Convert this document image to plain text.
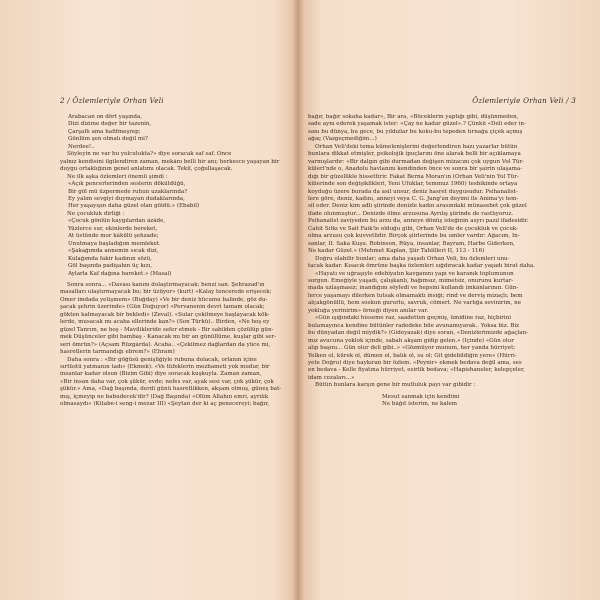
2 / Özlemleriyle Orhan Veli
Arabacan on dört yaşında,
Dizi dizime değer bir tazenin,
Çarşaflı ama hafifmeşrep;
Gönlüm şen olmalı değil mi?
Nerdee!..
Söyleyin ne var bu yolculukta?» diye soracak saf saf. Önce
yalnız kendisini ilgilendiren zaman, mekânı belli bir anı; herkesce yaşayan bir
duygu ortaklığının genel anlatımı olacak. Tekil, çoğullaşacak.
Ne ilk aşka özlemleri önemli şimdi :
«Açık pencerlerinden seslerin döküldüğü,
Bir göl mü üzpermede ruhun uzaklarında?
Ey yalım sevgiyi duymayan dudaklarında,
Her yaşayışın daha güzel olan göldü.» (Ebabil)
Ne çocukluk dirliği :
«Çocuk gönlün kaygılardan âzâde,
Yüzlerce sur, ekinlerde bereket,
At üstünde mor kâkülü şehzade;
Unutmaya başladığım memleket.
«Şakağımda annemin sıcak dizi,
Kulağımda fakir kadının sözü,
Göl başında padişahın üç kızı,
Aylarla Kaf dağına hareket.» (Masal)
Sonra sonra... «Davası kanını dolaştırmayacak; benzi san. Şehrazad'ın
masalları ulaştırmayacak bu; bir üzüyor» (kurt) «Kalay tencerede erişecek;
Ömer imdada yetişmem» (Buğday) «Ve bir deniz hücumu balinde, göz du-
şacak şehrin üzerinde» (Gün Doğuyor) «Pervanenin devri tamam olacak;
gökten kalmayacak bir bekledi» (Zeval). «Sular çekilmeye başlayacak kök-
lerde, musacak mı acaba ellerinde kan?» (Son Türkü).. Birden, «Ne hoş ey
güzel Tanrım, ne hoş - Mavilikleride sefer etmek - Bir sabilden çözülüp gün-
mek Düşünceler gibi bambaş - Kanacak mı bir an günüllüme, kuşlar gibi ser-
seri ömrün?» (Açsam Rüzgârda). Acaba.. «Çekilmez dağlardan da yüce mi,
hasretlerin tarmandığı ebrem?» (Ehram)
Daha sonra : «Bir göğüsü genişliğiyle rubuna dolacak, orlanın içine
sırtüstü yatmanın tadı» (Ekmek). «Ve tüfeklerin mezbameti yok mudur, bir
insanlar kadar olsun (Bizim Gibi) diye soracak kuşkuyla. Zaman zaman,
«Bir insan daha var, çok şükür, evde; nefes var, ayak sesi var, çok şükür, çok
şükür.» Ama, «Dağ başında, derdi günü hasretlikken, akşam olmuş, güneş bat-
mış, içmeyip ne babudecek'dir? (Dağ Başında) «Ölüm Allahın emri, ayrılık
olmasaydı» (Kitabe-i seng-i mezar III) «Şeytan der ki aç penecereyi; bağır,
Özlemleriyle Orhan Veli / 3
bağır, bağır sokaha kadar», Bir ara, «Böceklerin yaptığı gibi, düşünmeden,
sade aynı ederek yaşamak ister: «Çay ne kadar güzel».? Çünkü «Deli eder in-
sanı bu dünya, bu gece, bu yıldızlar bu koku-bu tepeden tırnağa çiçek açmış
ağaç (Vazgeçmediğim...)
Orhan Veli'deki tema kümelenişlerini değerlendiren bazı yazarlar bütün
bunlara dikkat etmişler, psikolojik ipuçlarını öne alarak belli bir açıklamaya
varmışlardır: «Bir dalgın gibi durmadan değişen mizacını çok uygun Vol Tür-
külerl'nde o, Anadolu havlanını kendinden önce ve sonra bir şairin ulaşama-
dığı bir güzellikle hissettirir. Fakat Berna Moran'ın (Orhan Veli'nin Yol Tür-
külerinde son değişiklikleri, Yeni Ufuklar, temmuz 1960) tesbikinde ortaya
koyduğu üzere burada da asil unsur, deniz hasret duygusudur. Psihanalist-
lere göre, deniz, kadını, anneyi veya C. G. Jung'un deyimi ile Anima'yı tem-
sil eder. Deniz kim adlı şiirinde denizle kadın arasındaki münasebet çok güzel
ifade olunmuştur... Denizde ölme arzusuna Ayrılış şiirinde de rastlıyoruz.
Psihanalist zaviyeden bu arzu da, anneye dönüş isteğinin asyrı pazıl ifadesidir.
Cahit Sıtkı ve Sait Faik'le olduğu gibi, Orhan Veli'de de çocukluk ve çocuk-
olma arzusu çok kuvvetlidir. Birçok şiirlerinde bu umler vardır: Ağacım, İn-
sanlar, II. Saka Kuşu. Robinson, Rüya, insanlar, Bayram, Harbe Giderken,
Ne kadar Güzel.» (Mehmet Kaplan, Şiir Tahlilleri II, 113 - 116)
Doğru olabilir bunlar; ama daha yaşadı Orhan Veli, bu özlemleri unu-
tacak kadar. Kısacık ömrüne başka özlemleri sığdıracak kadar yaşadı birat daha.
«Hayatı ve uğraşıyle edebiyatın kavganını yapı ve karanık toplumunun
sorgun. Emeğiyle yaşadı, çalışkanlı, bağımsız, mimetsiz, onurunu kurtar-
mada uzlaşmasız; inandığını söyledi ve hepsini kullandı imkânlarının. Gün-
lerce yaşamayı dilerken tutsak olmamaktı insiği; rind ve derviş mizaçlı; bem
alçakgönüllü, hem soskun gururlu, savruk, cömert. Ne varlığa sevinirim, ne
yokluğa yerinirim» örneği diyen anılar var.
«Gün ışığındaki hisseme raz, saadetten geçmiş, ümidine raz, hiçbirini
bulamayınca kendine bütünler radedeke bile avunamıyarak.. Yoksa biz. Biz
bu dünyadan değil miydik?» (Gideyazak) diye soran, «Denizlerimizde ağaçlan-
mız avucuna yoklok içinde, sabah akşam gidip gelen.» (İçinde) «Gün olur
alıp başını... Gün olur deli gibi..» «Gözmüyor munum, her yanda hürriyet;
Yelken ol, kürek ol, dümen ol, balık ol, su ol; Git gidebildiğin yere» (Hürri-
yete Doğru) diye haykıran bir özlem. «Peynir» ekmek bedava değil ama, ses
en bedava - Kelle fiyatına hürriyet, esirlik bedava; «Hapishaneler, kelepçeler,
idam cezaları...»
Bütün bunlara karşın gene bir mutluluk payı var gibidir :
Mesut sanmak için kendimi
Ne bâğıt isterim, ne kalem
